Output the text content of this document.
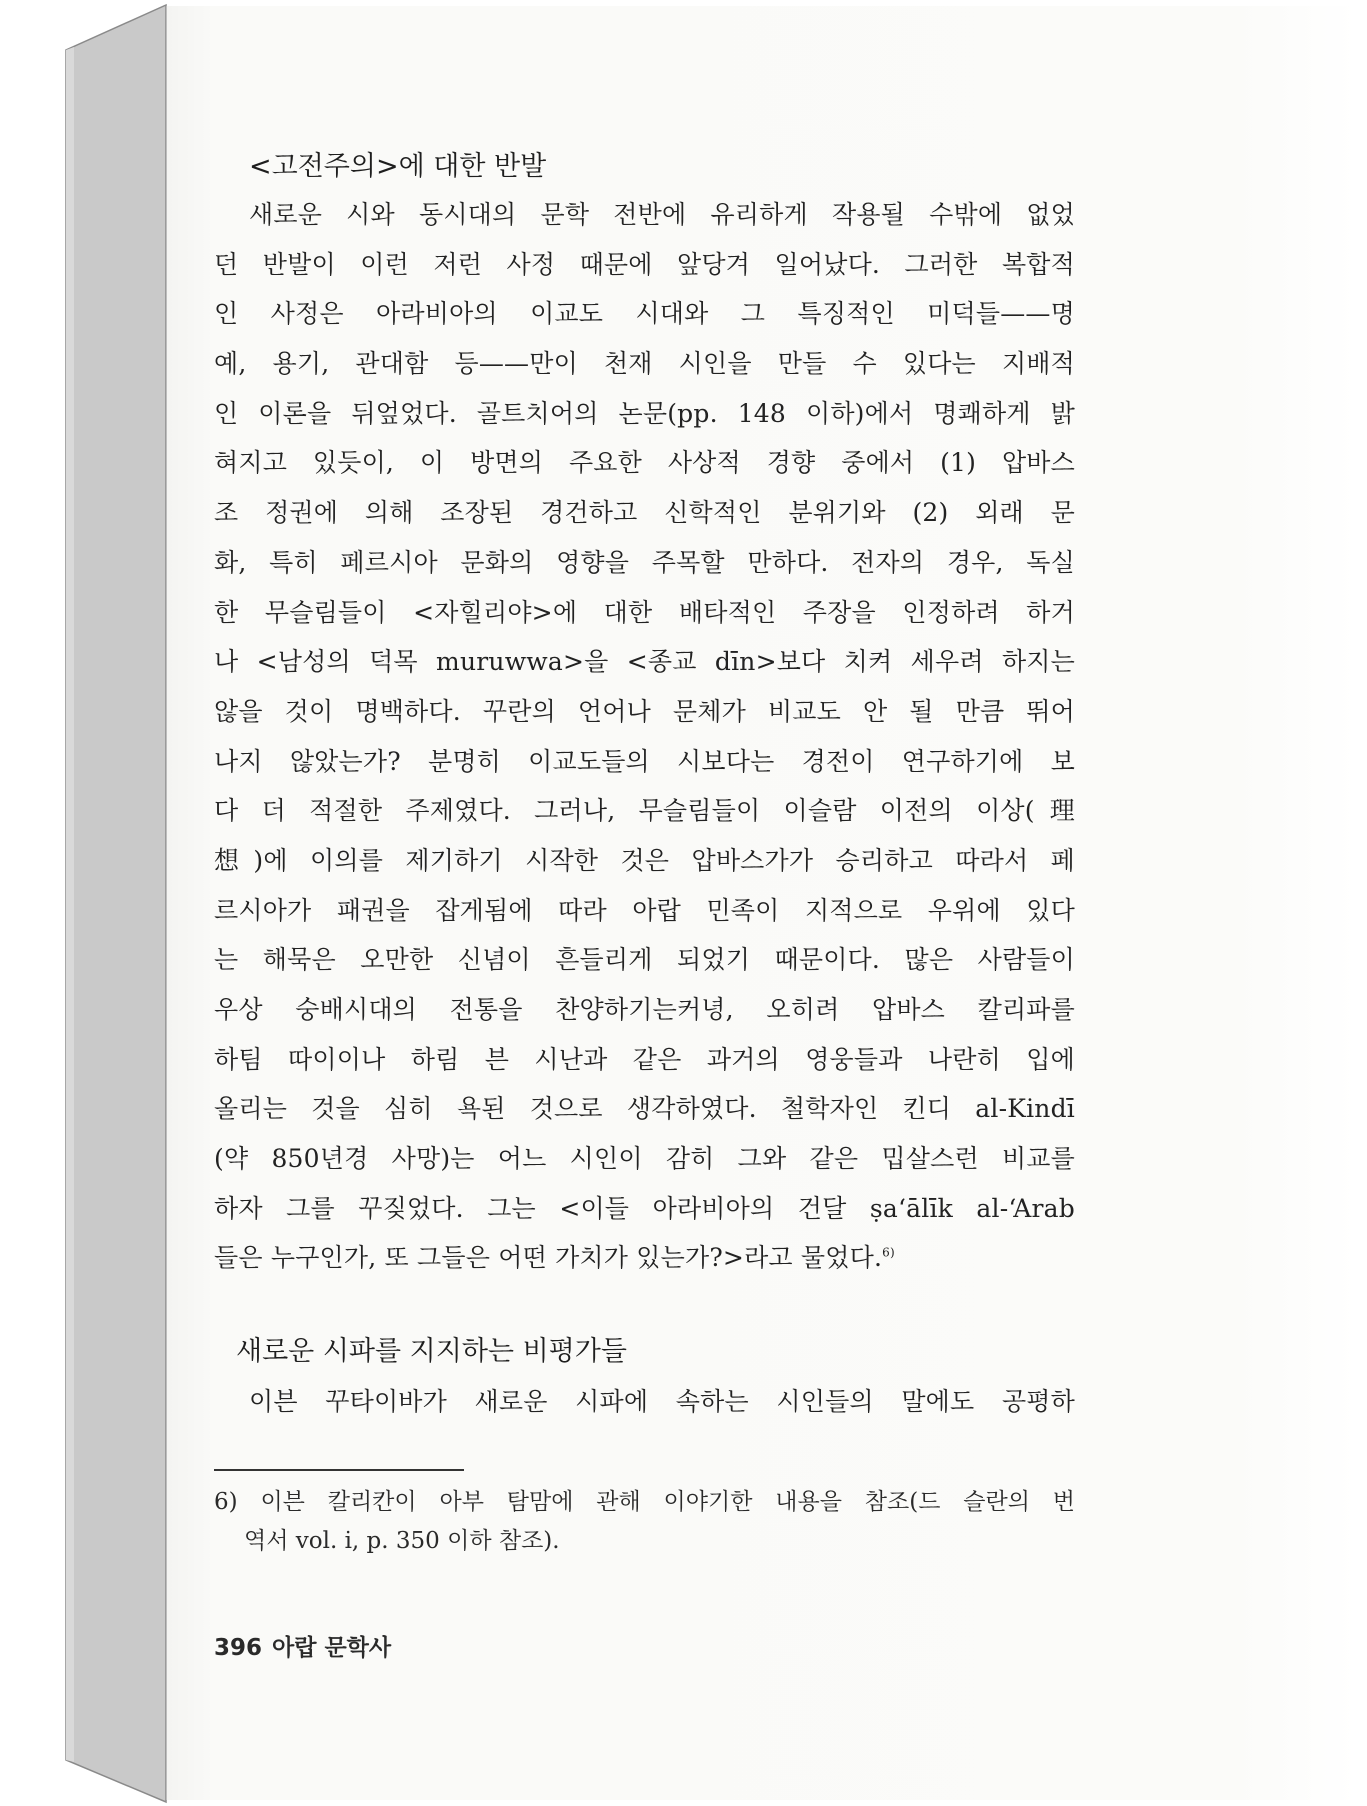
<고전주의>에 대한 반발
새로운 시와 동시대의 문학 전반에 유리하게 작용될 수밖에 없었
던 반발이 이런 저런 사정 때문에 앞당겨 일어났다. 그러한 복합적
인 사정은 아라비아의 이교도 시대와 그 특징적인 미덕들——명
예, 용기, 관대함 등——만이 천재 시인을 만들 수 있다는 지배적
인 이론을 뒤엎었다. 골트치어의 논문(pp. 148 이하)에서 명쾌하게 밝
혀지고 있듯이, 이 방면의 주요한 사상적 경향 중에서 (1) 압바스
조 정권에 의해 조장된 경건하고 신학적인 분위기와 (2) 외래 문
화, 특히 페르시아 문화의 영향을 주목할 만하다. 전자의 경우, 독실
한 무슬림들이 <자힐리야>에 대한 배타적인 주장을 인정하려 하거
나 <남성의 덕목 muruwwa>을 <종교 dīn>보다 치켜 세우려 하지는
않을 것이 명백하다. 꾸란의 언어나 문체가 비교도 안 될 만큼 뛰어
나지 않았는가? 분명히 이교도들의 시보다는 경전이 연구하기에 보
다 더 적절한 주제였다. 그러나, 무슬림들이 이슬람 이전의 이상(理
想)에 이의를 제기하기 시작한 것은 압바스가가 승리하고 따라서 페
르시아가 패권을 잡게됨에 따라 아랍 민족이 지적으로 우위에 있다
는 해묵은 오만한 신념이 흔들리게 되었기 때문이다. 많은 사람들이
우상 숭배시대의 전통을 찬양하기는커녕, 오히려 압바스 칼리파를
하팀 따이이나 하림 븐 시난과 같은 과거의 영웅들과 나란히 입에
올리는 것을 심히 욕된 것으로 생각하였다. 철학자인 킨디 al-Kindī
(약 850년경 사망)는 어느 시인이 감히 그와 같은 밉살스런 비교를
하자 그를 꾸짖었다. 그는 <이들 아라비아의 건달 ṣa‘ālīk al-‘Arab
들은 누구인가, 또 그들은 어떤 가치가 있는가?>라고 물었다.$^{6)}$
새로운 시파를 지지하는 비평가들
이븐 꾸타이바가 새로운 시파에 속하는 시인들의 말에도 공평하
6) 이븐 칼리칸이 아부 탐맘에 관해 이야기한 내용을 참조(드 슬란의 번
역서 vol. i, p. 350 이하 참조).
396 아랍 문학사
